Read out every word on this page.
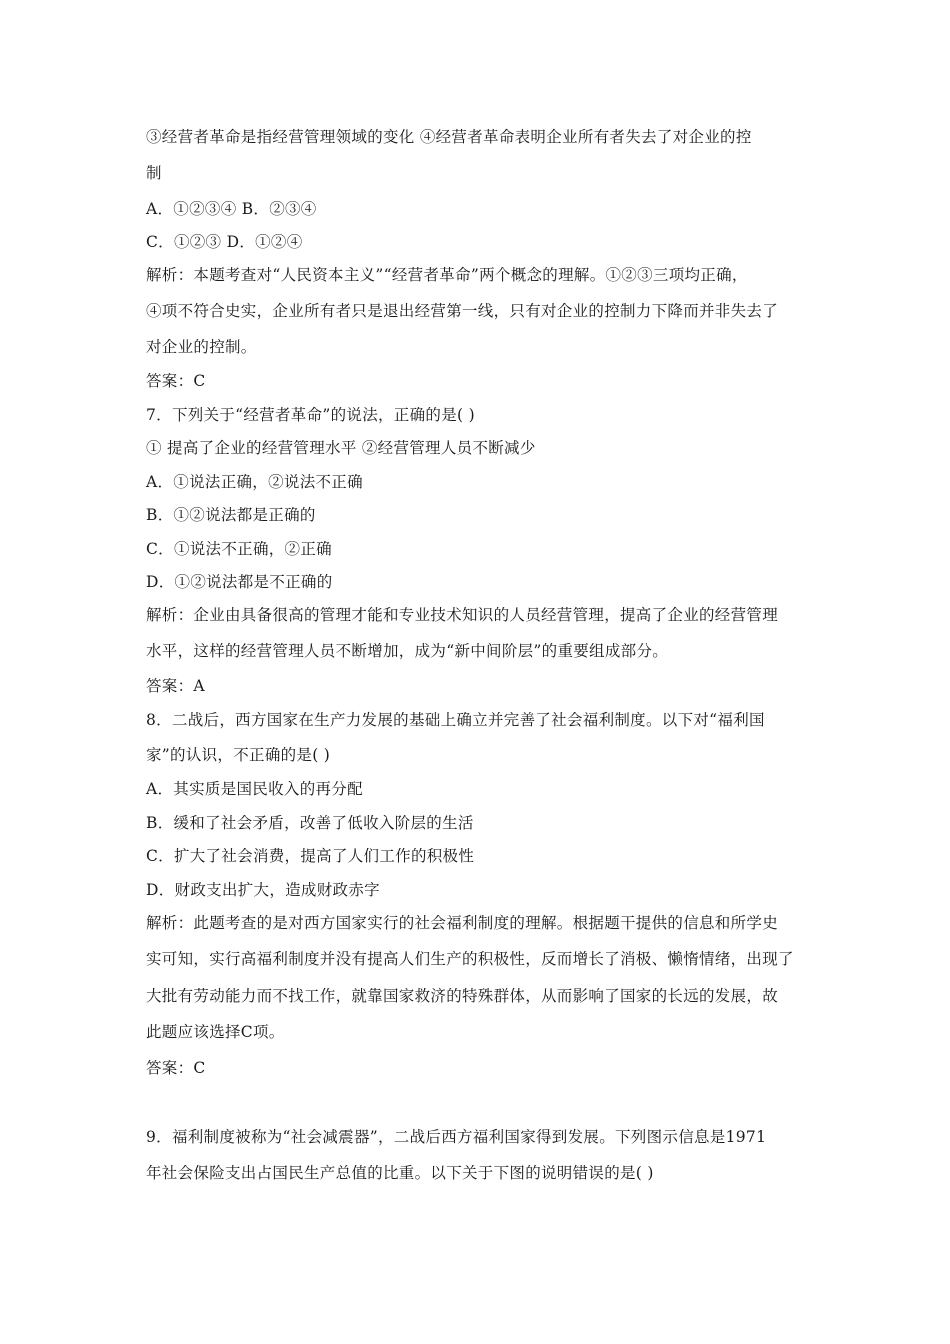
③经营者革命是指经营管理领域的变化 ④经营者革命表明企业所有者失去了对企业的控
制
A．①②③④ B．②③④
C．①②③ D．①②④
解析：本题考查对“人民资本主义”“经营者革命”两个概念的理解。①②③三项均正确，
④项不符合史实，企业所有者只是退出经营第一线，只有对企业的控制力下降而并非失去了
对企业的控制。
答案：C
7．下列关于“经营者革命”的说法，正确的是( )
① 提高了企业的经营管理水平 ②经营管理人员不断减少
A．①说法正确，②说法不正确
B．①②说法都是正确的
C．①说法不正确，②正确
D．①②说法都是不正确的
解析：企业由具备很高的管理才能和专业技术知识的人员经营管理，提高了企业的经营管理
水平，这样的经营管理人员不断增加，成为“新中间阶层”的重要组成部分。
答案：A
8．二战后，西方国家在生产力发展的基础上确立并完善了社会福利制度。以下对“福利国
家”的认识，不正确的是( )
A．其实质是国民收入的再分配
B．缓和了社会矛盾，改善了低收入阶层的生活
C．扩大了社会消费，提高了人们工作的积极性
D．财政支出扩大，造成财政赤字
解析：此题考查的是对西方国家实行的社会福利制度的理解。根据题干提供的信息和所学史
实可知，实行高福利制度并没有提高人们生产的积极性，反而增长了消极、懒惰情绪，出现了
大批有劳动能力而不找工作，就靠国家救济的特殊群体，从而影响了国家的长远的发展，故
此题应该选择C项。
答案：C
9．福利制度被称为“社会减震器”，二战后西方福利国家得到发展。下列图示信息是1971
年社会保险支出占国民生产总值的比重。以下关于下图的说明错误的是( )
